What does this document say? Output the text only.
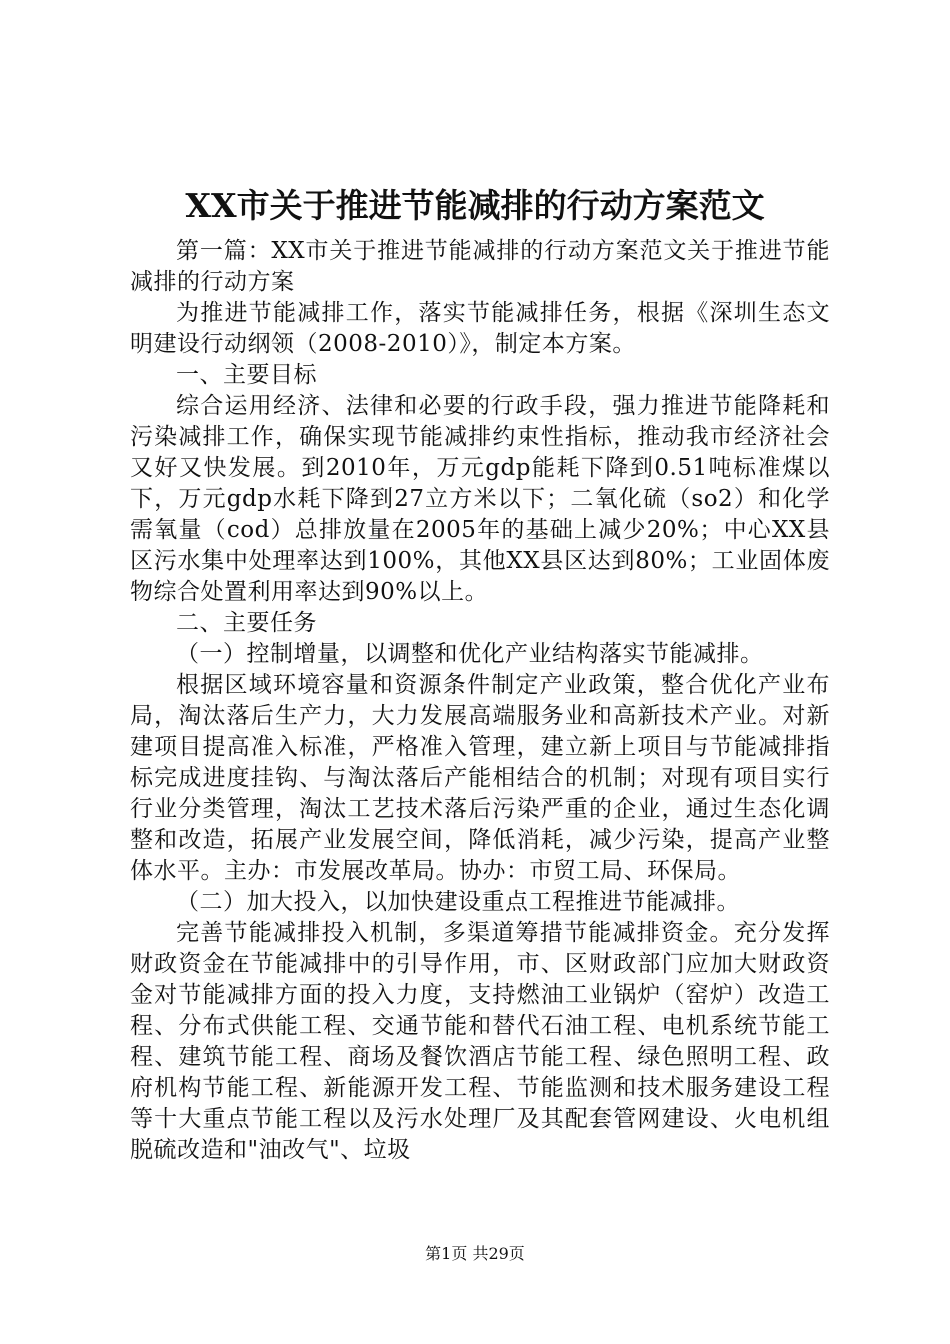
XX市关于推进节能减排的行动方案范文

第一篇：XX市关于推进节能减排的行动方案范文关于推进节能减排的行动方案

为推进节能减排工作，落实节能减排任务，根据《深圳生态文明建设行动纲领（2008-2010）》，制定本方案。

一、主要目标

综合运用经济、法律和必要的行政手段，强力推进节能降耗和污染减排工作，确保实现节能减排约束性指标，推动我市经济社会又好又快发展。到2010年，万元gdp能耗下降到0.51吨标准煤以下，万元gdp水耗下降到27立方米以下；二氧化硫（so2）和化学需氧量（cod）总排放量在2005年的基础上减少20%；中心XX县区污水集中处理率达到100%，其他XX县区达到80%；工业固体废物综合处置利用率达到90%以上。

二、主要任务

（一）控制增量，以调整和优化产业结构落实节能减排。

根据区域环境容量和资源条件制定产业政策，整合优化产业布局，淘汰落后生产力，大力发展高端服务业和高新技术产业。对新建项目提高准入标准，严格准入管理，建立新上项目与节能减排指标完成进度挂钩、与淘汰落后产能相结合的机制；对现有项目实行行业分类管理，淘汰工艺技术落后污染严重的企业，通过生态化调整和改造，拓展产业发展空间，降低消耗，减少污染，提高产业整体水平。主办：市发展改革局。协办：市贸工局、环保局。

（二）加大投入，以加快建设重点工程推进节能减排。

完善节能减排投入机制，多渠道筹措节能减排资金。充分发挥财政资金在节能减排中的引导作用，市、区财政部门应加大财政资金对节能减排方面的投入力度，支持燃油工业锅炉（窑炉）改造工程、分布式供能工程、交通节能和替代石油工程、电机系统节能工程、建筑节能工程、商场及餐饮酒店节能工程、绿色照明工程、政府机构节能工程、新能源开发工程、节能监测和技术服务建设工程等十大重点节能工程以及污水处理厂及其配套管网建设、火电机组脱硫改造和"油改气"、垃圾

第1页 共29页
